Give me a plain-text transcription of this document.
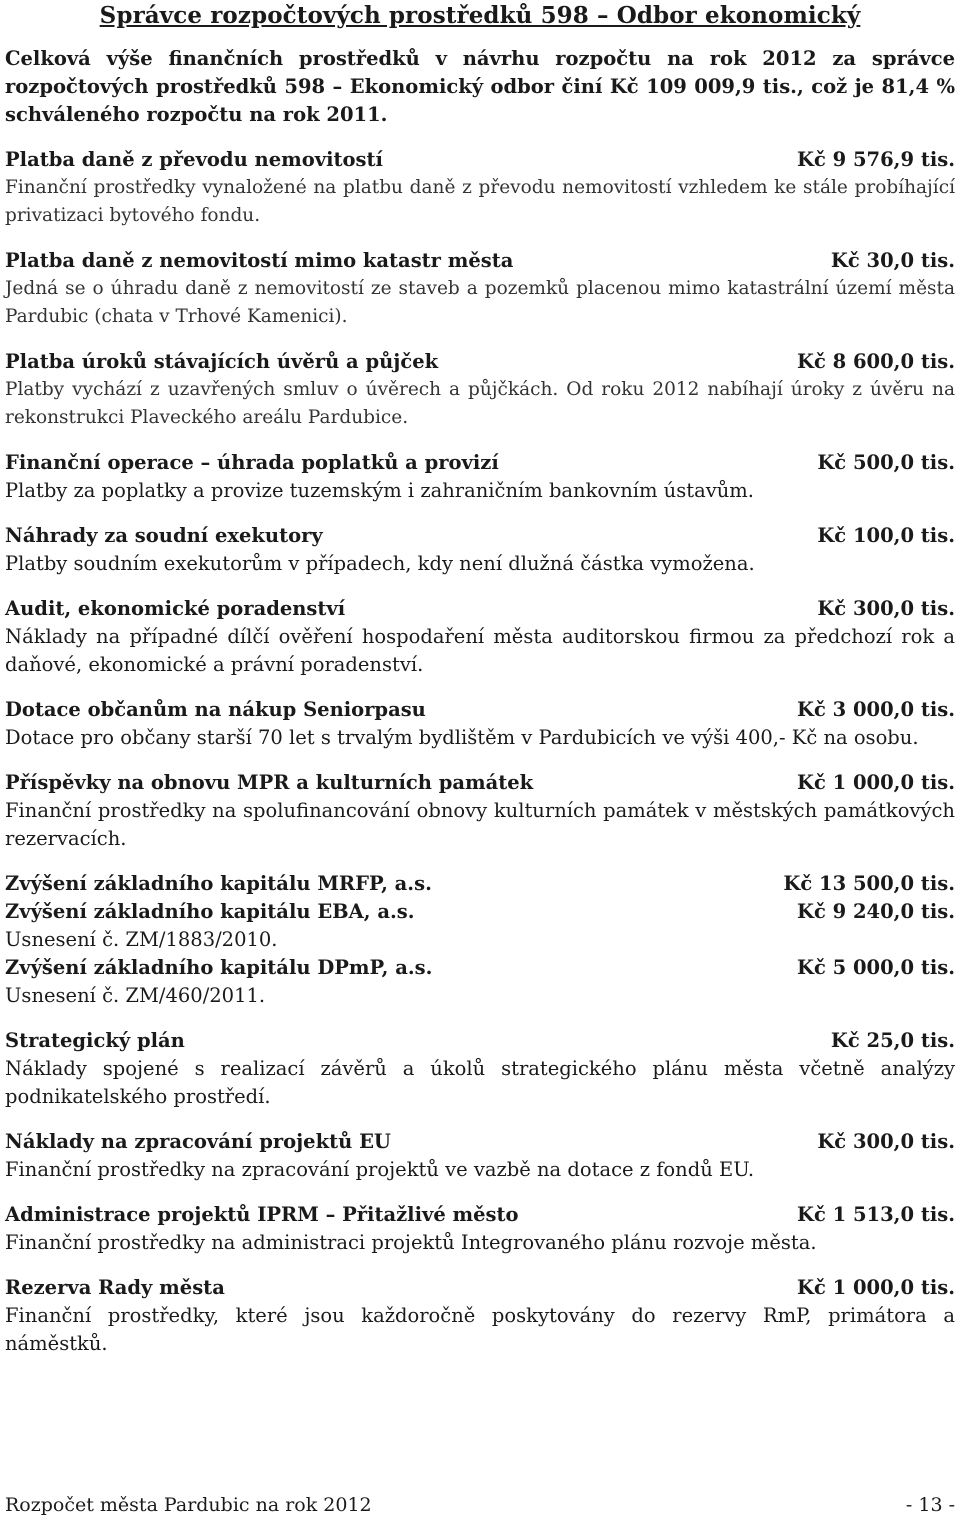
Správce rozpočtových prostředků 598 – Odbor ekonomický
Celková výše finančních prostředků v návrhu rozpočtu na rok 2012 za správce rozpočtových prostředků 598 – Ekonomický odbor činí Kč 109 009,9 tis., což je 81,4 % schváleného rozpočtu na rok 2011.
Platba daně z převodu nemovitostí	Kč 9 576,9 tis.
Finanční prostředky vynaložené na platbu daně z převodu nemovitostí vzhledem ke stále probíhající privatizaci bytového fondu.
Platba daně z nemovitostí mimo katastr města	Kč 30,0 tis.
Jedná se o úhradu daně z nemovitostí ze staveb a pozemků placenou mimo katastrální území města Pardubic (chata v Trhové Kamenici).
Platba úroků stávajících úvěrů a půjček	Kč 8 600,0 tis.
Platby vychází z uzavřených smluv o úvěrech a půjčkách. Od roku 2012 nabíhají úroky z úvěru na rekonstrukci Plaveckého areálu Pardubice.
Finanční operace – úhrada poplatků a provizí	Kč 500,0 tis.
Platby za poplatky a provize tuzemským i zahraničním bankovním ústavům.
Náhrady za soudní exekutory	Kč 100,0 tis.
Platby soudním exekutorům v případech, kdy není dlužná částka vymožena.
Audit, ekonomické poradenství	Kč 300,0 tis.
Náklady na případné dílčí ověření hospodaření města auditorskou firmou za předchozí rok a daňové, ekonomické a právní poradenství.
Dotace občanům na nákup Seniorpasu	Kč 3 000,0 tis.
Dotace pro občany starší 70 let s trvalým bydlištěm v Pardubicích ve výši 400,- Kč na osobu.
Příspěvky na obnovu MPR a kulturních památek	Kč 1 000,0 tis.
Finanční prostředky na spolufinancování obnovy kulturních památek v městských památkových rezervacích.
Zvýšení základního kapitálu MRFP, a.s.	Kč 13 500,0 tis.
Zvýšení základního kapitálu EBA, a.s.	Kč 9 240,0 tis.
Usnesení č. ZM/1883/2010.
Zvýšení základního kapitálu DPmP, a.s.	Kč 5 000,0 tis.
Usnesení č. ZM/460/2011.
Strategický plán	Kč 25,0 tis.
Náklady spojené s realizací závěrů a úkolů strategického plánu města včetně analýzy podnikatelského prostředí.
Náklady na zpracování projektů EU	Kč 300,0 tis.
Finanční prostředky na zpracování projektů ve vazbě na dotace z fondů EU.
Administrace projektů IPRM – Přitažlivé město	Kč 1 513,0 tis.
Finanční prostředky na administraci projektů Integrovaného plánu rozvoje města.
Rezerva Rady města	Kč 1 000,0 tis.
Finanční prostředky, které jsou každoročně poskytovány do rezervy RmP, primátora a náměstků.
Rozpočet města Pardubic na rok 2012	- 13 -
